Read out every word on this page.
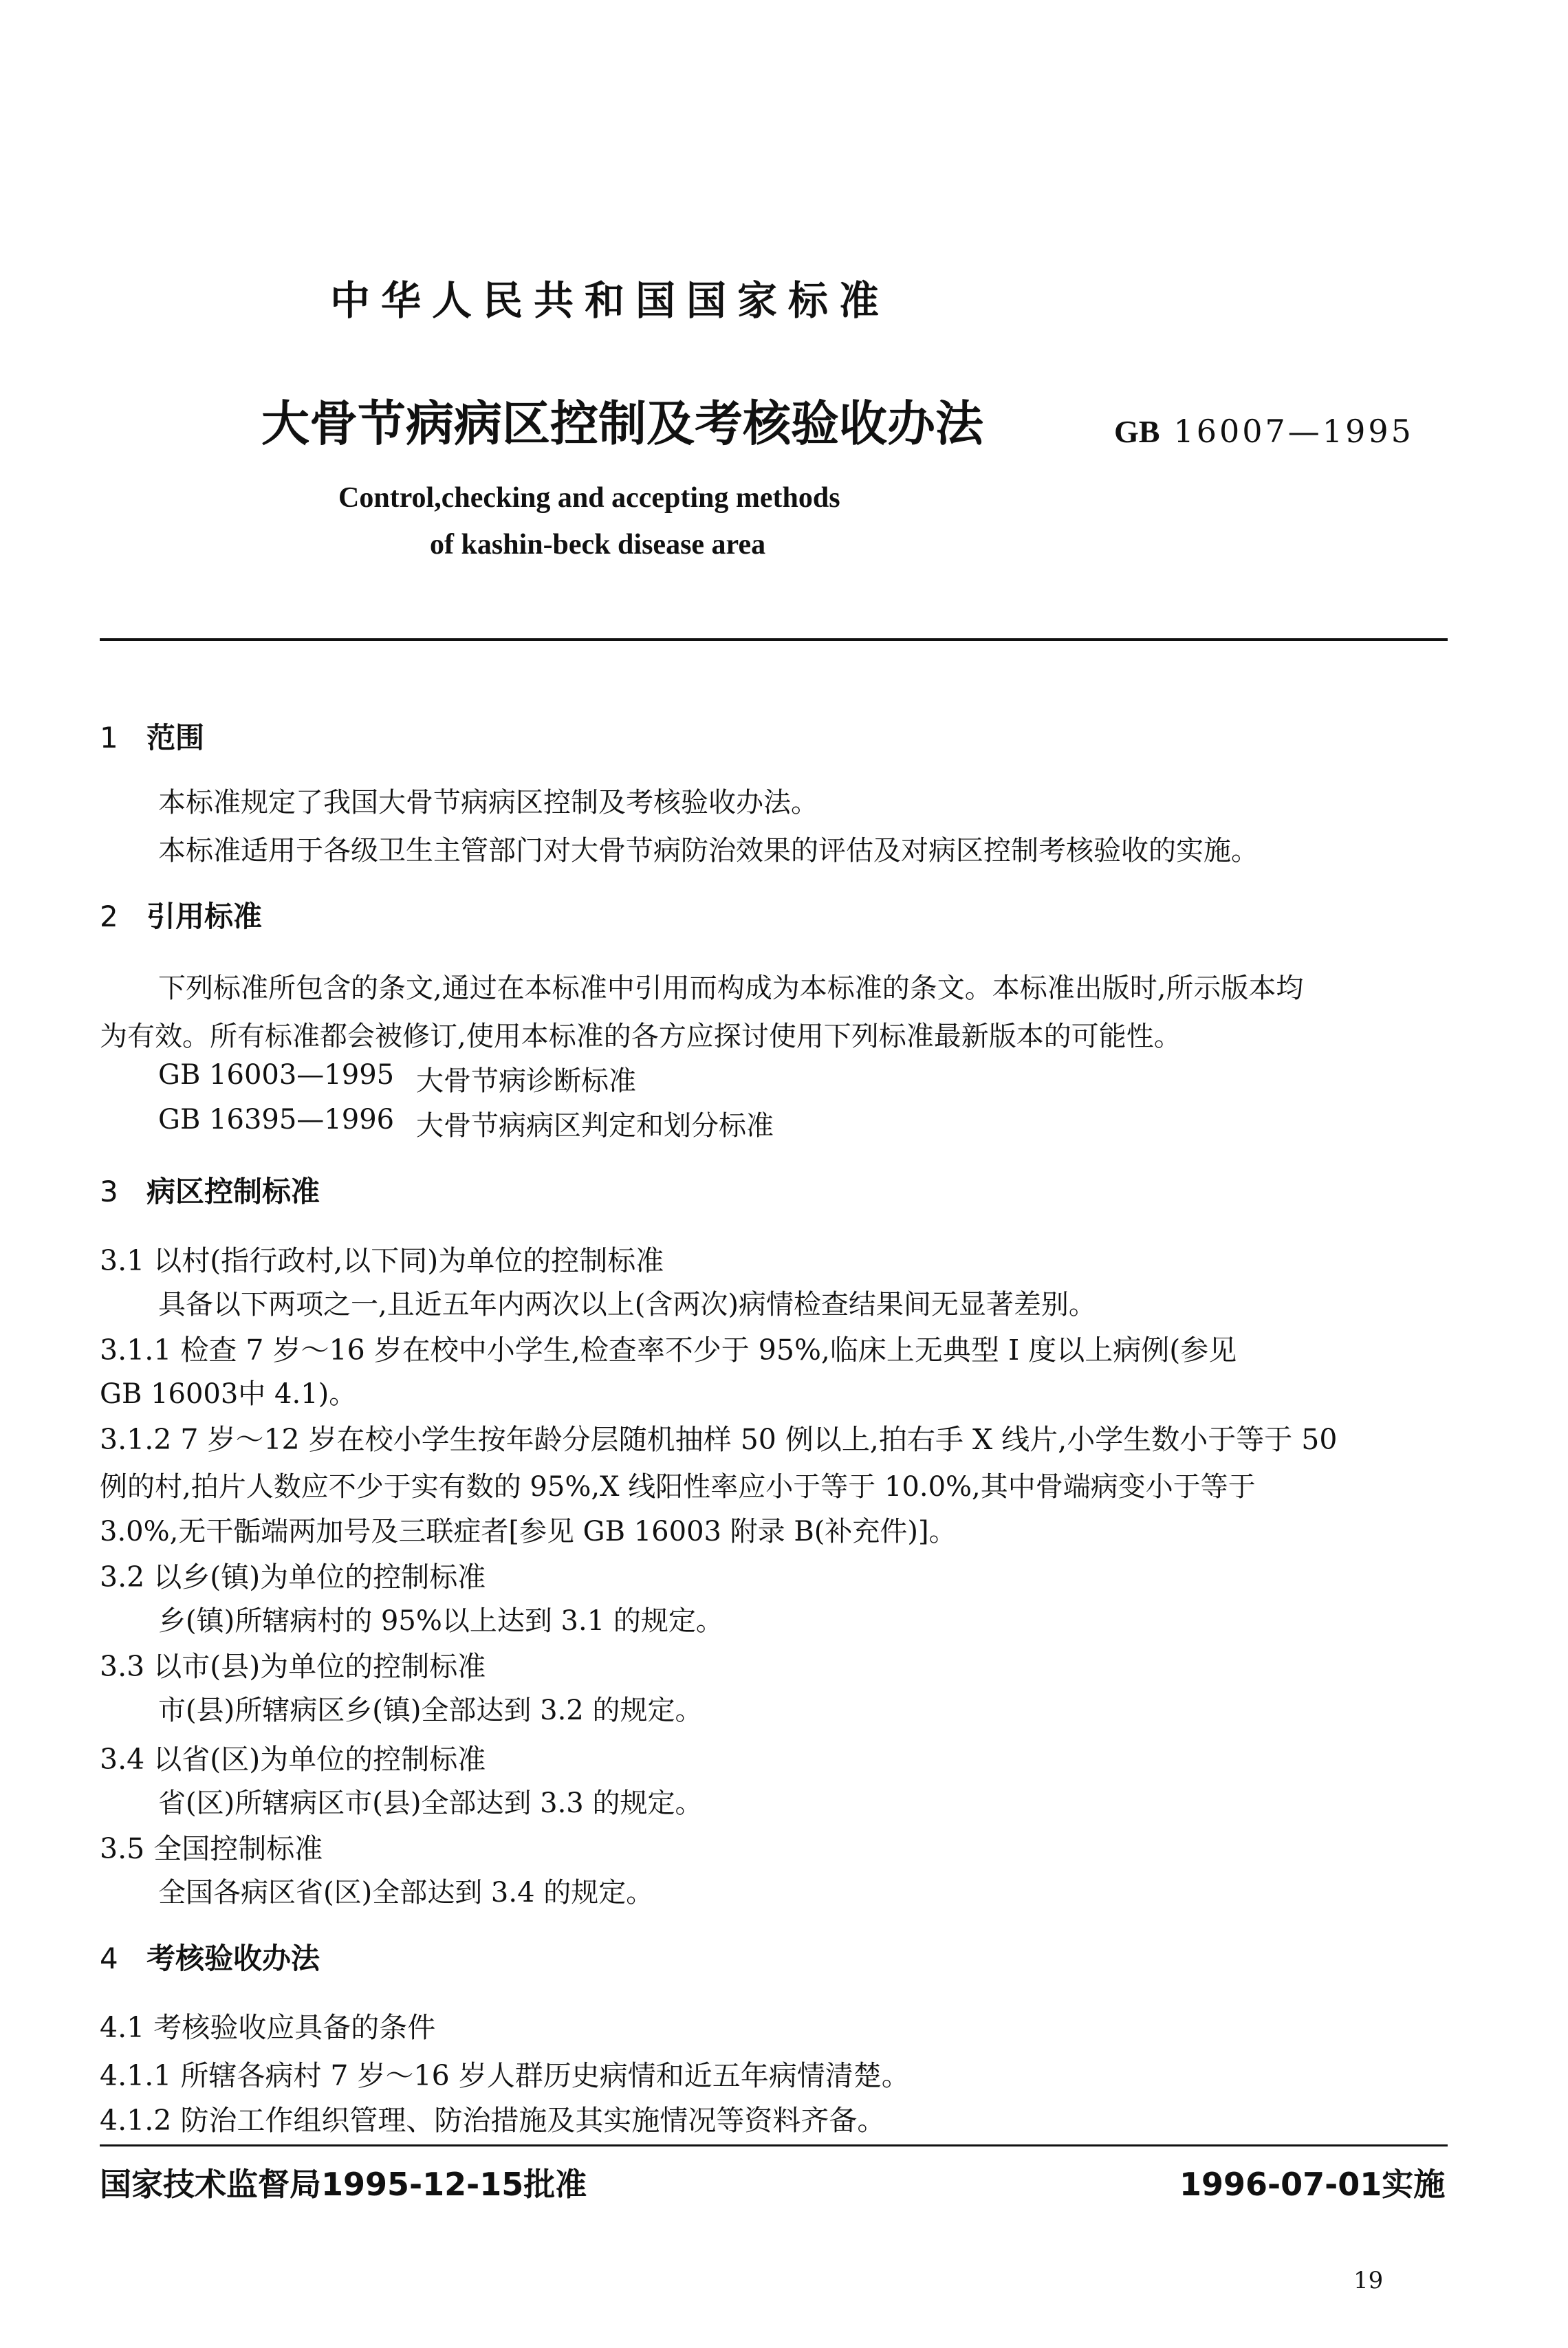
中华人民共和国国家标准
大骨节病病区控制及考核验收办法	GB 16007—1995
Control,checking and accepting methods
of kashin-beck disease area
1 范围
本标准规定了我国大骨节病病区控制及考核验收办法。
本标准适用于各级卫生主管部门对大骨节病防治效果的评估及对病区控制考核验收的实施。
2 引用标准
下列标准所包含的条文,通过在本标准中引用而构成为本标准的条文。本标准出版时,所示版本均
为有效。所有标准都会被修订,使用本标准的各方应探讨使用下列标准最新版本的可能性。
GB 16003—1995 大骨节病诊断标准
GB 16395—1996 大骨节病病区判定和划分标准
3 病区控制标准
3.1 以村(指行政村,以下同)为单位的控制标准
具备以下两项之一,且近五年内两次以上(含两次)病情检查结果间无显著差别。
3.1.1 检查 7 岁～16 岁在校中小学生,检查率不少于 95%,临床上无典型 I 度以上病例(参见
GB 16003中 4.1)。
3.1.2 7 岁～12 岁在校小学生按年龄分层随机抽样 50 例以上,拍右手 X 线片,小学生数小于等于 50
例的村,拍片人数应不少于实有数的 95%,X 线阳性率应小于等于 10.0%,其中骨端病变小于等于
3.0%,无干骺端两加号及三联症者[参见 GB 16003 附录 B(补充件)]。
3.2 以乡(镇)为单位的控制标准
乡(镇)所辖病村的 95%以上达到 3.1 的规定。
3.3 以市(县)为单位的控制标准
市(县)所辖病区乡(镇)全部达到 3.2 的规定。
3.4 以省(区)为单位的控制标准
省(区)所辖病区市(县)全部达到 3.3 的规定。
3.5 全国控制标准
全国各病区省(区)全部达到 3.4 的规定。
4 考核验收办法
4.1 考核验收应具备的条件
4.1.1 所辖各病村 7 岁～16 岁人群历史病情和近五年病情清楚。
4.1.2 防治工作组织管理、防治措施及其实施情况等资料齐备。
国家技术监督局1995-12-15批准	1996-07-01实施
19
